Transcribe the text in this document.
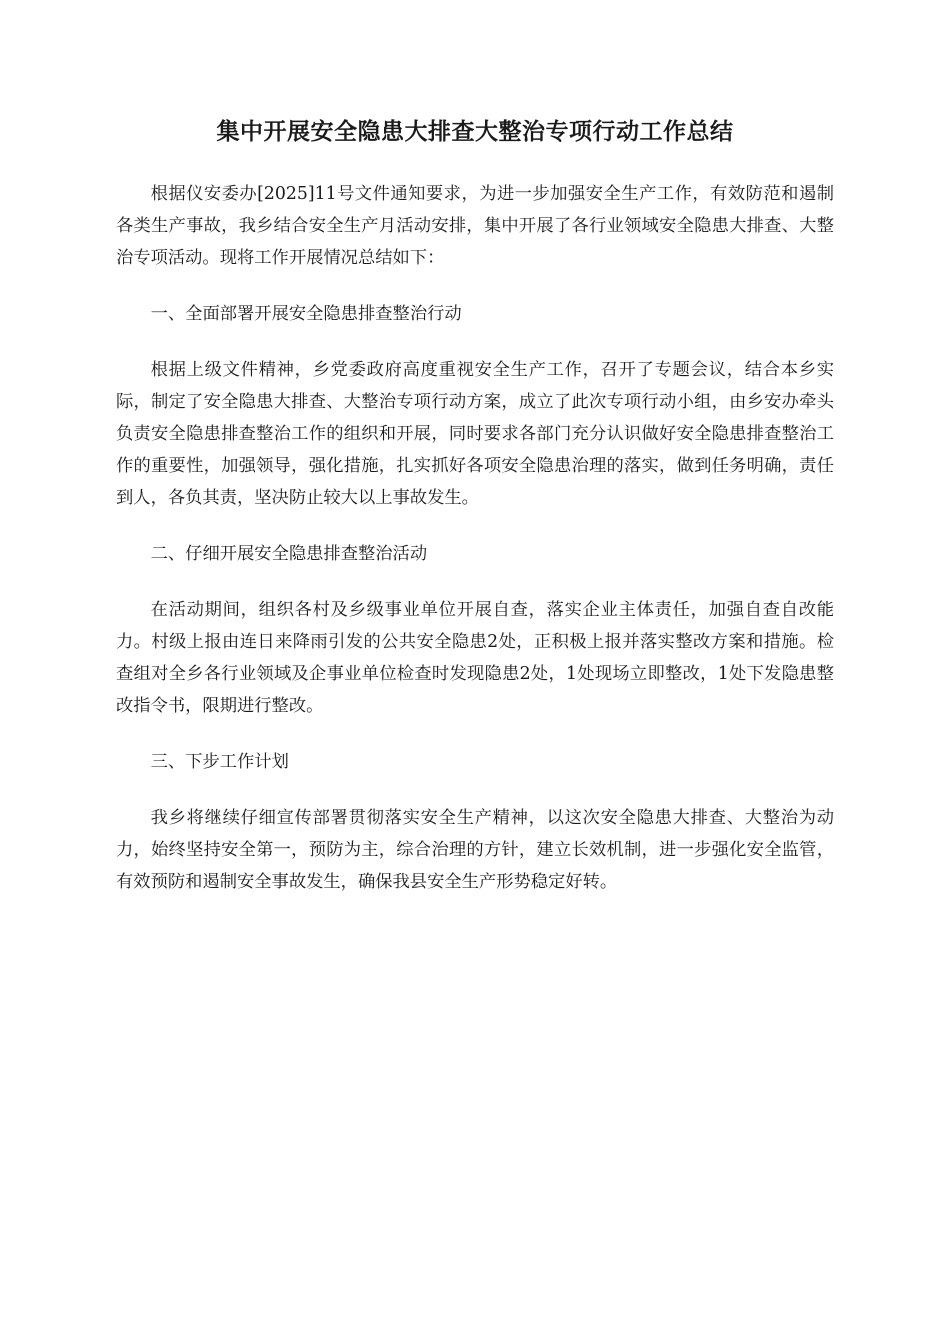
集中开展安全隐患大排查大整治专项行动工作总结

根据仪安委办[2025]11号文件通知要求，为进一步加强安全生产工作，有效防范和遏制各类生产事故，我乡结合安全生产月活动安排，集中开展了各行业领域安全隐患大排查、大整治专项活动。现将工作开展情况总结如下：

一、全面部署开展安全隐患排查整治行动

根据上级文件精神，乡党委政府高度重视安全生产工作，召开了专题会议，结合本乡实际，制定了安全隐患大排查、大整治专项行动方案，成立了此次专项行动小组，由乡安办牵头负责安全隐患排查整治工作的组织和开展，同时要求各部门充分认识做好安全隐患排查整治工作的重要性，加强领导，强化措施，扎实抓好各项安全隐患治理的落实，做到任务明确，责任到人，各负其责，坚决防止较大以上事故发生。

二、仔细开展安全隐患排查整治活动

在活动期间，组织各村及乡级事业单位开展自查，落实企业主体责任，加强自查自改能力。村级上报由连日来降雨引发的公共安全隐患2处，正积极上报并落实整改方案和措施。检查组对全乡各行业领域及企事业单位检查时发现隐患2处，1处现场立即整改，1处下发隐患整改指令书，限期进行整改。

三、下步工作计划

我乡将继续仔细宣传部署贯彻落实安全生产精神，以这次安全隐患大排查、大整治为动力，始终坚持安全第一，预防为主，综合治理的方针，建立长效机制，进一步强化安全监管，有效预防和遏制安全事故发生，确保我县安全生产形势稳定好转。
